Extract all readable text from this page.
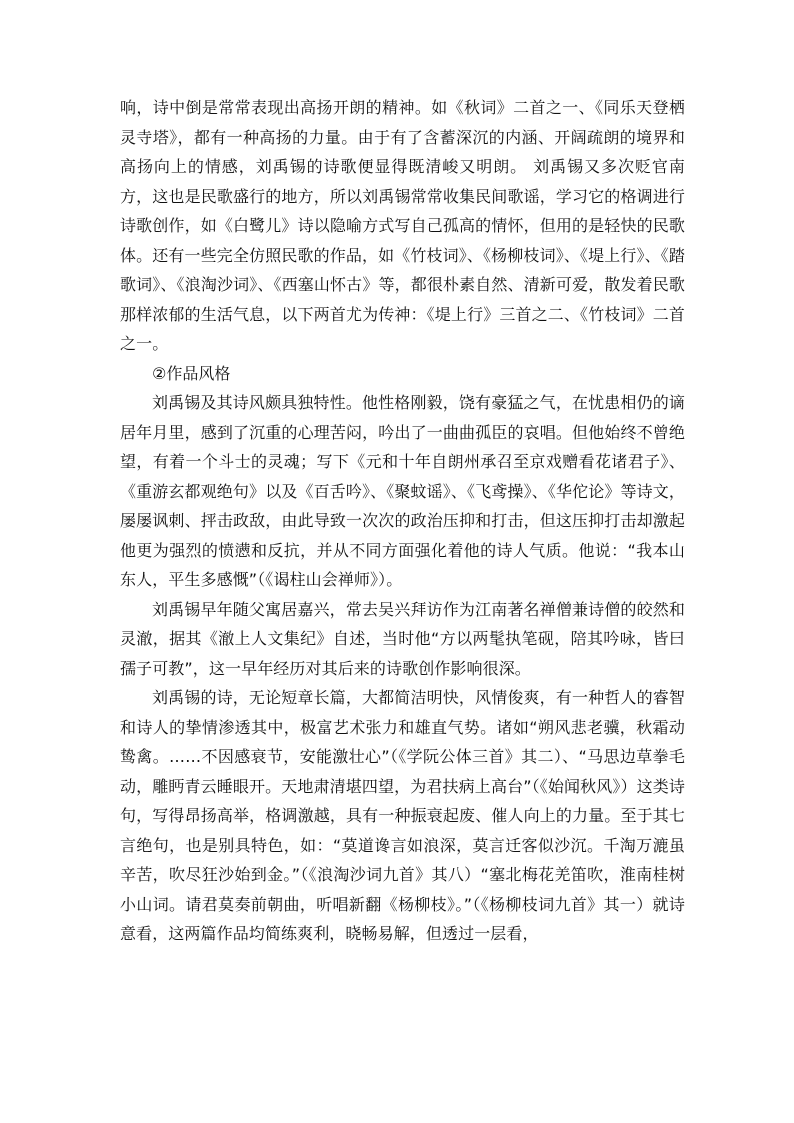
响，诗中倒是常常表现出高扬开朗的精神。如《秋词》二首之一、《同乐天登栖灵寺塔》，都有一种高扬的力量。由于有了含蓄深沉的内涵、开阔疏朗的境界和高扬向上的情感，刘禹锡的诗歌便显得既清峻又明朗。 刘禹锡又多次贬官南方，这也是民歌盛行的地方，所以刘禹锡常常收集民间歌谣，学习它的格调进行诗歌创作，如《白鹭儿》诗以隐喻方式写自己孤高的情怀，但用的是轻快的民歌体。还有一些完全仿照民歌的作品，如《竹枝词》、《杨柳枝词》、《堤上行》、《踏歌词》、《浪淘沙词》、《西塞山怀古》等，都很朴素自然、清新可爱，散发着民歌那样浓郁的生活气息，以下两首尤为传神：《堤上行》三首之二、《竹枝词》二首之一。

②作品风格

刘禹锡及其诗风颇具独特性。他性格刚毅，饶有豪猛之气，在忧患相仍的谪居年月里，感到了沉重的心理苦闷，吟出了一曲曲孤臣的哀唱。但他始终不曾绝望，有着一个斗士的灵魂；写下《元和十年自朗州承召至京戏赠看花诸君子》、《重游玄都观绝句》以及《百舌吟》、《聚蚊谣》、《飞鸢操》、《华佗论》等诗文，屡屡讽刺、抨击政敌，由此导致一次次的政治压抑和打击，但这压抑打击却激起他更为强烈的愤懑和反抗，并从不同方面强化着他的诗人气质。他说：“我本山东人，平生多感慨”（《谒柱山会禅师》）。

刘禹锡早年随父寓居嘉兴，常去吴兴拜访作为江南著名禅僧兼诗僧的皎然和灵澈，据其《澈上人文集纪》自述，当时他“方以两髦执笔砚，陪其吟咏，皆曰孺子可教”，这一早年经历对其后来的诗歌创作影响很深。

刘禹锡的诗，无论短章长篇，大都简洁明快，风情俊爽，有一种哲人的睿智和诗人的挚情渗透其中，极富艺术张力和雄直气势。诸如“朔风悲老骥，秋霜动鸷禽。……不因感衰节，安能激壮心”（《学阮公体三首》其二）、“马思边草拳毛动，雕眄青云睡眼开。天地肃清堪四望，为君扶病上高台”（《始闻秋风》）这类诗句，写得昂扬高举，格调激越，具有一种振衰起废、催人向上的力量。至于其七言绝句，也是别具特色，如：“莫道谗言如浪深，莫言迁客似沙沉。千淘万漉虽辛苦，吹尽狂沙始到金。”（《浪淘沙词九首》其八）“塞北梅花羌笛吹，淮南桂树小山词。请君莫奏前朝曲，听唱新翻《杨柳枝》。”（《杨柳枝词九首》其一）就诗意看，这两篇作品均简练爽利，晓畅易解，但透过一层看，
